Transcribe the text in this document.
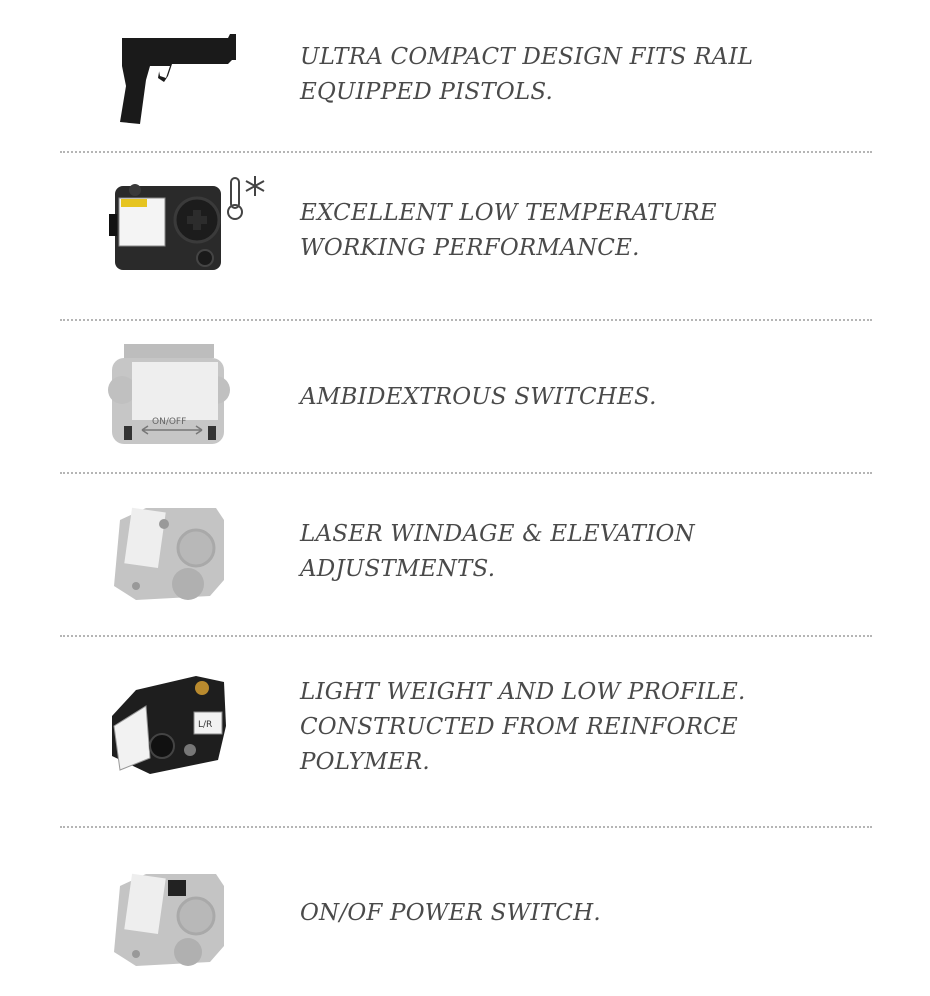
ULTRA COMPACT DESIGN FITS RAIL
EQUIPPED PISTOLS.
EXCELLENT LOW TEMPERATURE
WORKING PERFORMANCE.
ON/OFF
AMBIDEXTROUS SWITCHES.
LASER WINDAGE & ELEVATION
ADJUSTMENTS.
L/R
LIGHT WEIGHT AND LOW PROFILE.
CONSTRUCTED FROM REINFORCE
POLYMER.
ON/OF POWER SWITCH.
